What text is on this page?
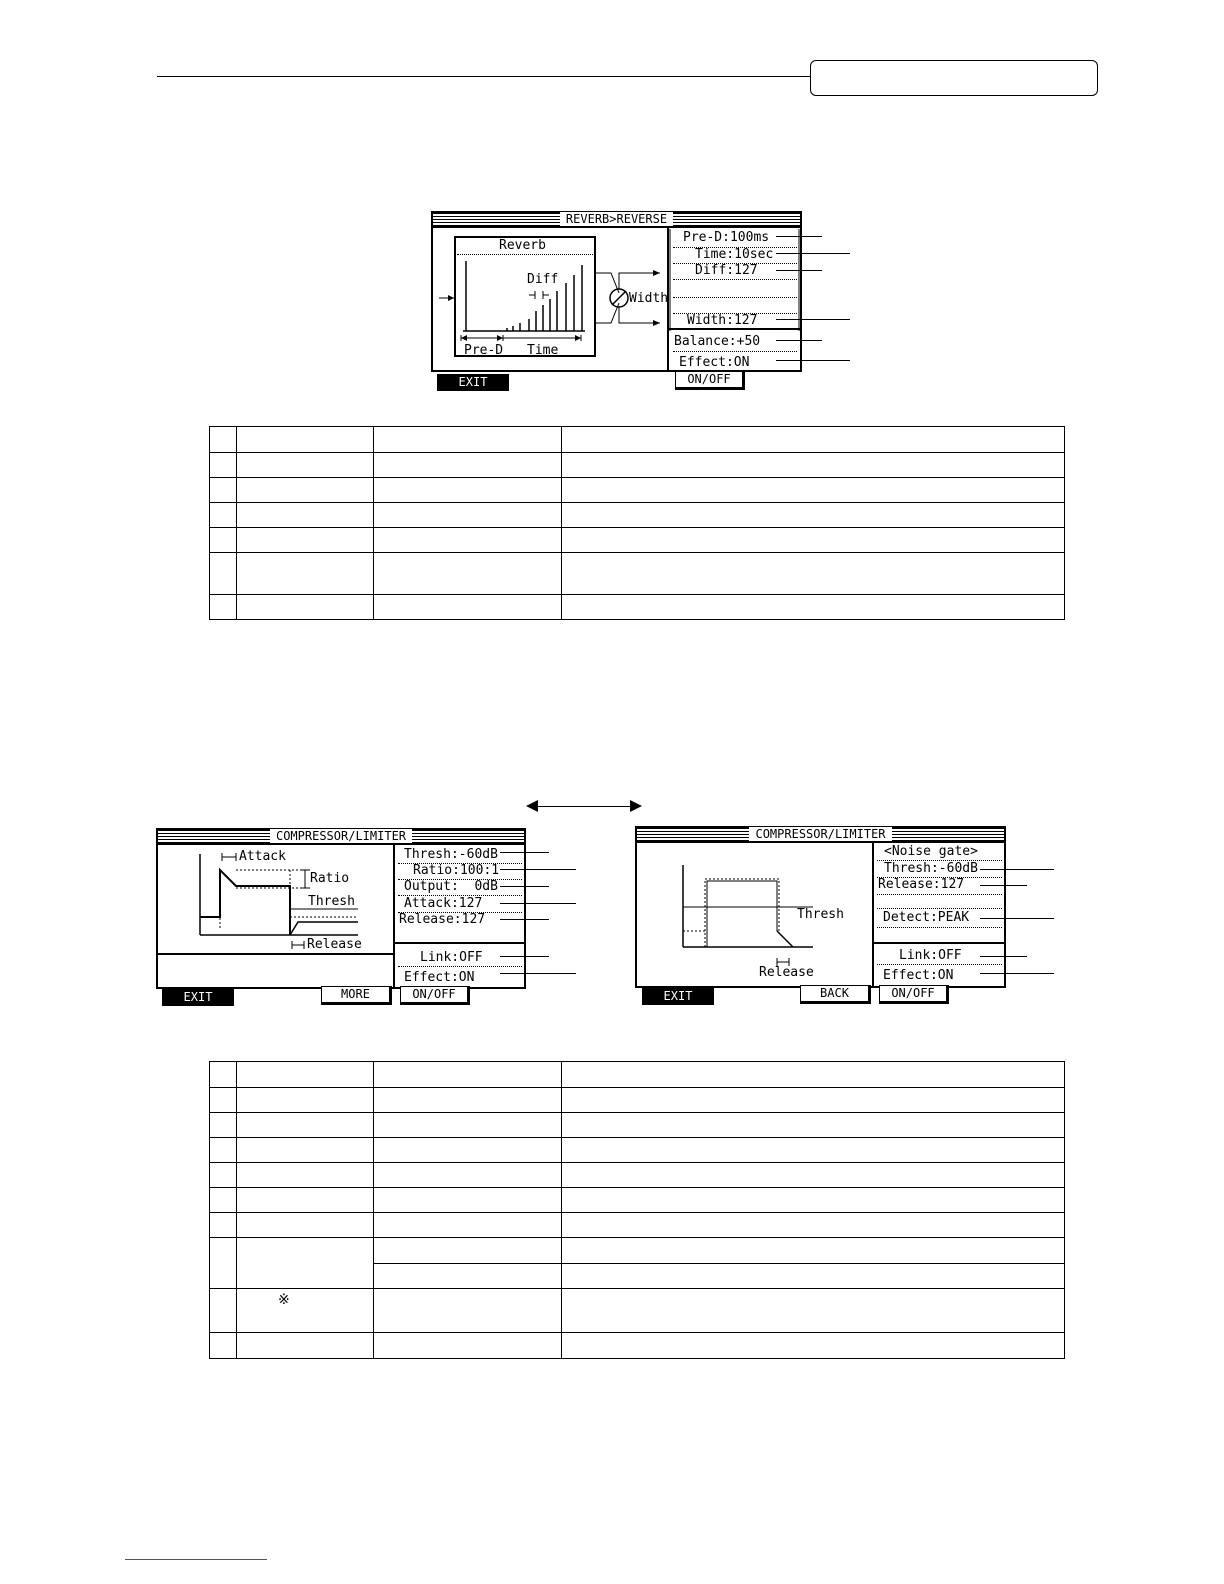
REVERB>REVERSE
Reverb
Diff
Pre-D Time
Width
Pre-D:100ms
Time:10sec
Diff:127
Width:127
Balance:+50
Effect:ON
EXIT	ON/OFF

COMPRESSOR/LIMITER
Attack
Ratio
Thresh
Release
Thresh:-60dB
Ratio:100:1
Output:  0dB
Attack:127
Release:127
Link:OFF
Effect:ON
EXIT	MORE	ON/OFF
COMPRESSOR/LIMITER
Thresh
Release
<Noise gate>
Thresh:-60dB
Release:127
Detect:PEAK
Link:OFF
Effect:ON
EXIT	BACK	ON/OFF

	※		
